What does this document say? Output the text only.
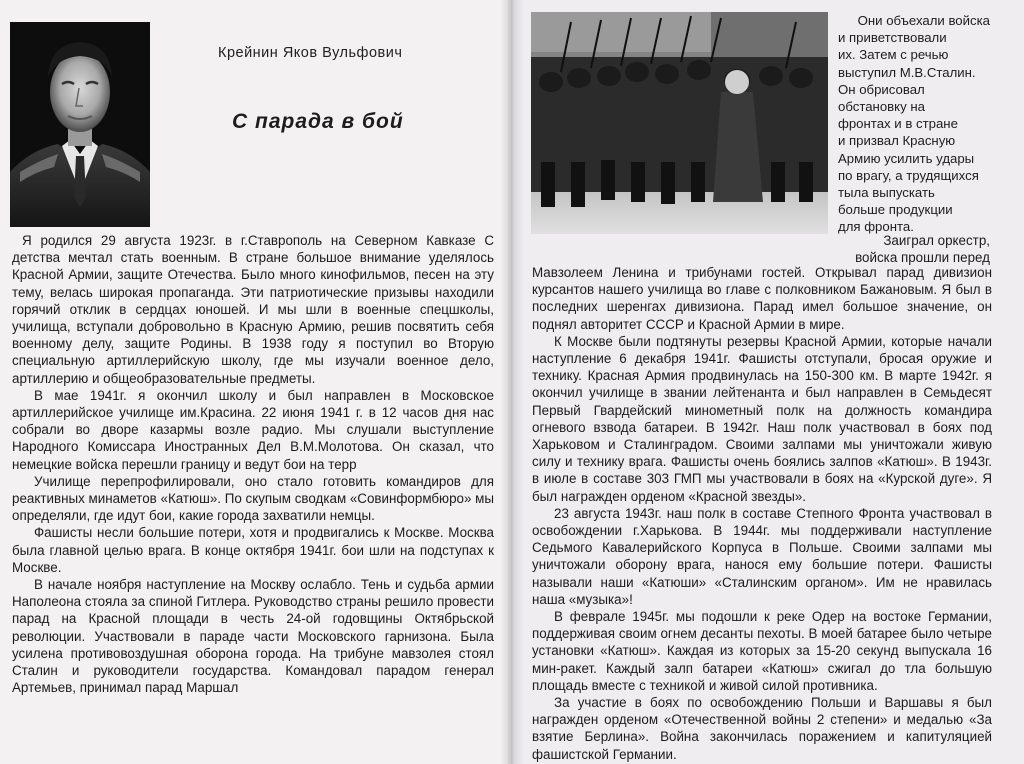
Крейнин Яков Вульфович
С парада в бой

Я родился 29 августа 1923г. в г.Ставрополь на Северном Кавказе С детства мечтал стать военным. В стране большое внимание уделялось Красной Армии, защите Отечества. Было много кинофильмов, песен на эту тему, велась широкая пропаганда. Эти патриотические призывы находили горячий отклик в сердцах юношей. И мы шли в военные спецшколы, училища, вступали добровольно в Красную Армию, решив посвятить себя военному делу, защите Родины. В 1938 году я поступил во Вторую специальную артиллерийскую школу, где мы изучали военное дело, артиллерию и общеобразовательные предметы.

В мае 1941г. я окончил школу и был направлен в Московское артиллерийское училище им.Красина. 22 июня 1941 г. в 12 часов дня нас собрали во дворе казармы возле радио. Мы слушали выступление Народного Комиссара Иностранных Дел В.М.Молотова. Он сказал, что немецкие войска перешли границу и ведут бои на терр

Училище перепрофилировали, оно стало готовить командиров для реактивных минаметов «Катюш». По скупым сводкам «Совинформбюро» мы определяли, где идут бои, какие города захватили немцы.

Фашисты несли большие потери, хотя и продвигались к Москве. Москва была главной целью врага. В конце октября 1941г. бои шли на подступах к Москве.

В начале ноября наступление на Москву ослабло. Тень и судьба армии Наполеона стояла за спиной Гитлера. Руководство страны решило провести парад на Красной площади в честь 24-ой годовщины Октябрьской революции. Участвовали в параде части Московского гарнизона. Была усилена противовоздушная оборона города. На трибуне мавзолея стоял Сталин и руководители государства. Командовал парадом генерал Артемьев, принимал парад Маршал

Они объехали войска
и приветствовали
их. Затем с речью
выступил М.В.Сталин.
Он обрисовал
обстановку на
фронтах и в стране
и призвал Красную
Армию усилить удары
по врагу, а трудящихся
тыла выпускать
больше продукции
для фронта.
Заиграл оркестр,
войска прошли перед

Мавзолеем Ленина и трибунами гостей. Открывал парад дивизион курсантов нашего училища во главе с полковником Бажановым. Я был в последних шеренгах дивизиона. Парад имел большое значение, он поднял авторитет СССР и Красной Армии в мире.

К Москве были подтянуты резервы Красной Армии, которые начали наступление 6 декабря 1941г. Фашисты отступали, бросая оружие и технику. Красная Армия продвинулась на 150-300 км. В марте 1942г. я окончил училище в звании лейтенанта и был направлен в Семьдесят Первый Гвардейский минометный полк на должность командира огневого взвода батареи. В 1942г. Наш полк участвовал в боях под Харьковом и Сталинградом. Своими залпами мы уничтожали живую силу и технику врага. Фашисты очень боялись залпов «Катюш». В 1943г. в июле в составе 303 ГМП мы участвовали в боях на «Курской дуге». Я был награжден орденом «Красной звезды».

23 августа 1943г. наш полк в составе Степного Фронта участвовал в освобождении г.Харькова. В 1944г. мы поддерживали наступление Седьмого Кавалерийского Корпуса в Польше. Своими залпами мы уничтожали оборону врага, нанося ему большие потери. Фашисты называли наши «Катюши» «Сталинским органом». Им не нравилась наша «музыка»!

В феврале 1945г. мы подошли к реке Одер на востоке Германии, поддерживая своим огнем десанты пехоты. В моей батарее было четыре установки «Катюш». Каждая из которых за 15-20 секунд выпускала 16 мин-ракет. Каждый залп батареи «Катюш» сжигал до тла большую площадь вместе с техникой и живой силой противника.

За участие в боях по освобождению Польши и Варшавы я был награжден орденом «Отечественной войны 2 степени» и медалью «За взятие Берлина». Война закончилась поражением и капитуляцией фашистской Германии.
